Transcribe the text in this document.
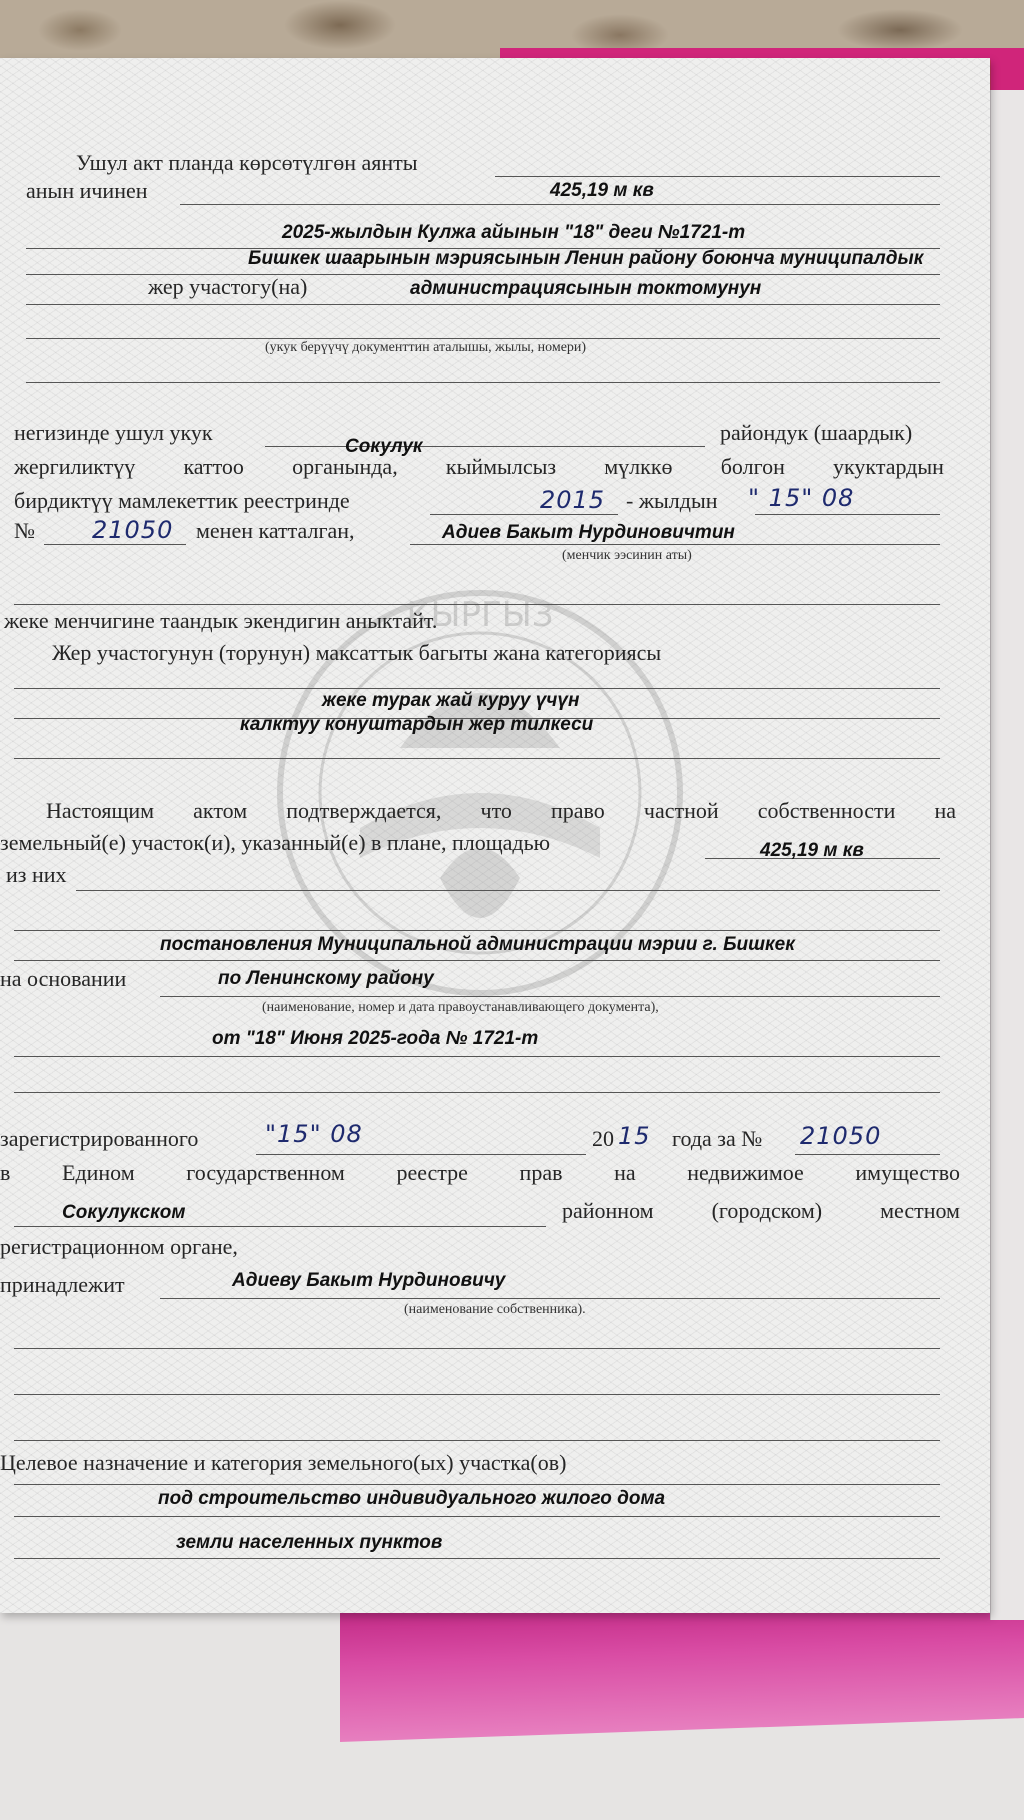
КЫРГЫЗ
Ушул акт планда көрсөтүлгөн аянты
425,19 м кв
анын ичинен
2025-жылдын Кулжа айынын "18" деги №1721-т
Бишкек шаарынын мэриясынын Ленин району боюнча муниципалдык
жер участогу(на)	администрациясынын токтомунун
(укук берүүчү документтин аталышы, жылы, номери)
негизинде ушул укук
Сокулук
райондук (шаардык)
жергиликтүү каттоо органында, кыймылсыз мүлккө болгон укуктардын
бирдиктүү мамлекеттик реестринде	2015 - жылдын " 15" 08
№ 21050 менен катталган,	Адиев Бакыт Нурдиновичтин
(менчик ээсинин аты)
жеке менчигине таандык экендигин аныктайт.
Жер участогунун (торунун) максаттык багыты жана категориясы
жеке турак жай куруу үчүн
калктуу конуштардын жер тилкеси
Настоящим актом подтверждается, что право частной собственности на
земельный(е) участок(и), указанный(е) в плане, площадью	425,19 м кв
из них
постановления Муниципальной администрации мэрии г. Бишкек
на основании	по Ленинскому району
(наименование, номер и дата правоустанавливающего документа),
от "18" Июня 2025-года № 1721-т
зарегистрированного	"15" 08	20 15 года за № 21050
в Едином государственном реестре прав на недвижимое имущество
Сокулукском	районном	(городском)	местном
регистрационном органе,
принадлежит	Адиеву Бакыт Нурдиновичу
(наименование собственника).
Целевое назначение и категория земельного(ых) участка(ов)
под строительство индивидуального жилого дома
земли населенных пунктов
